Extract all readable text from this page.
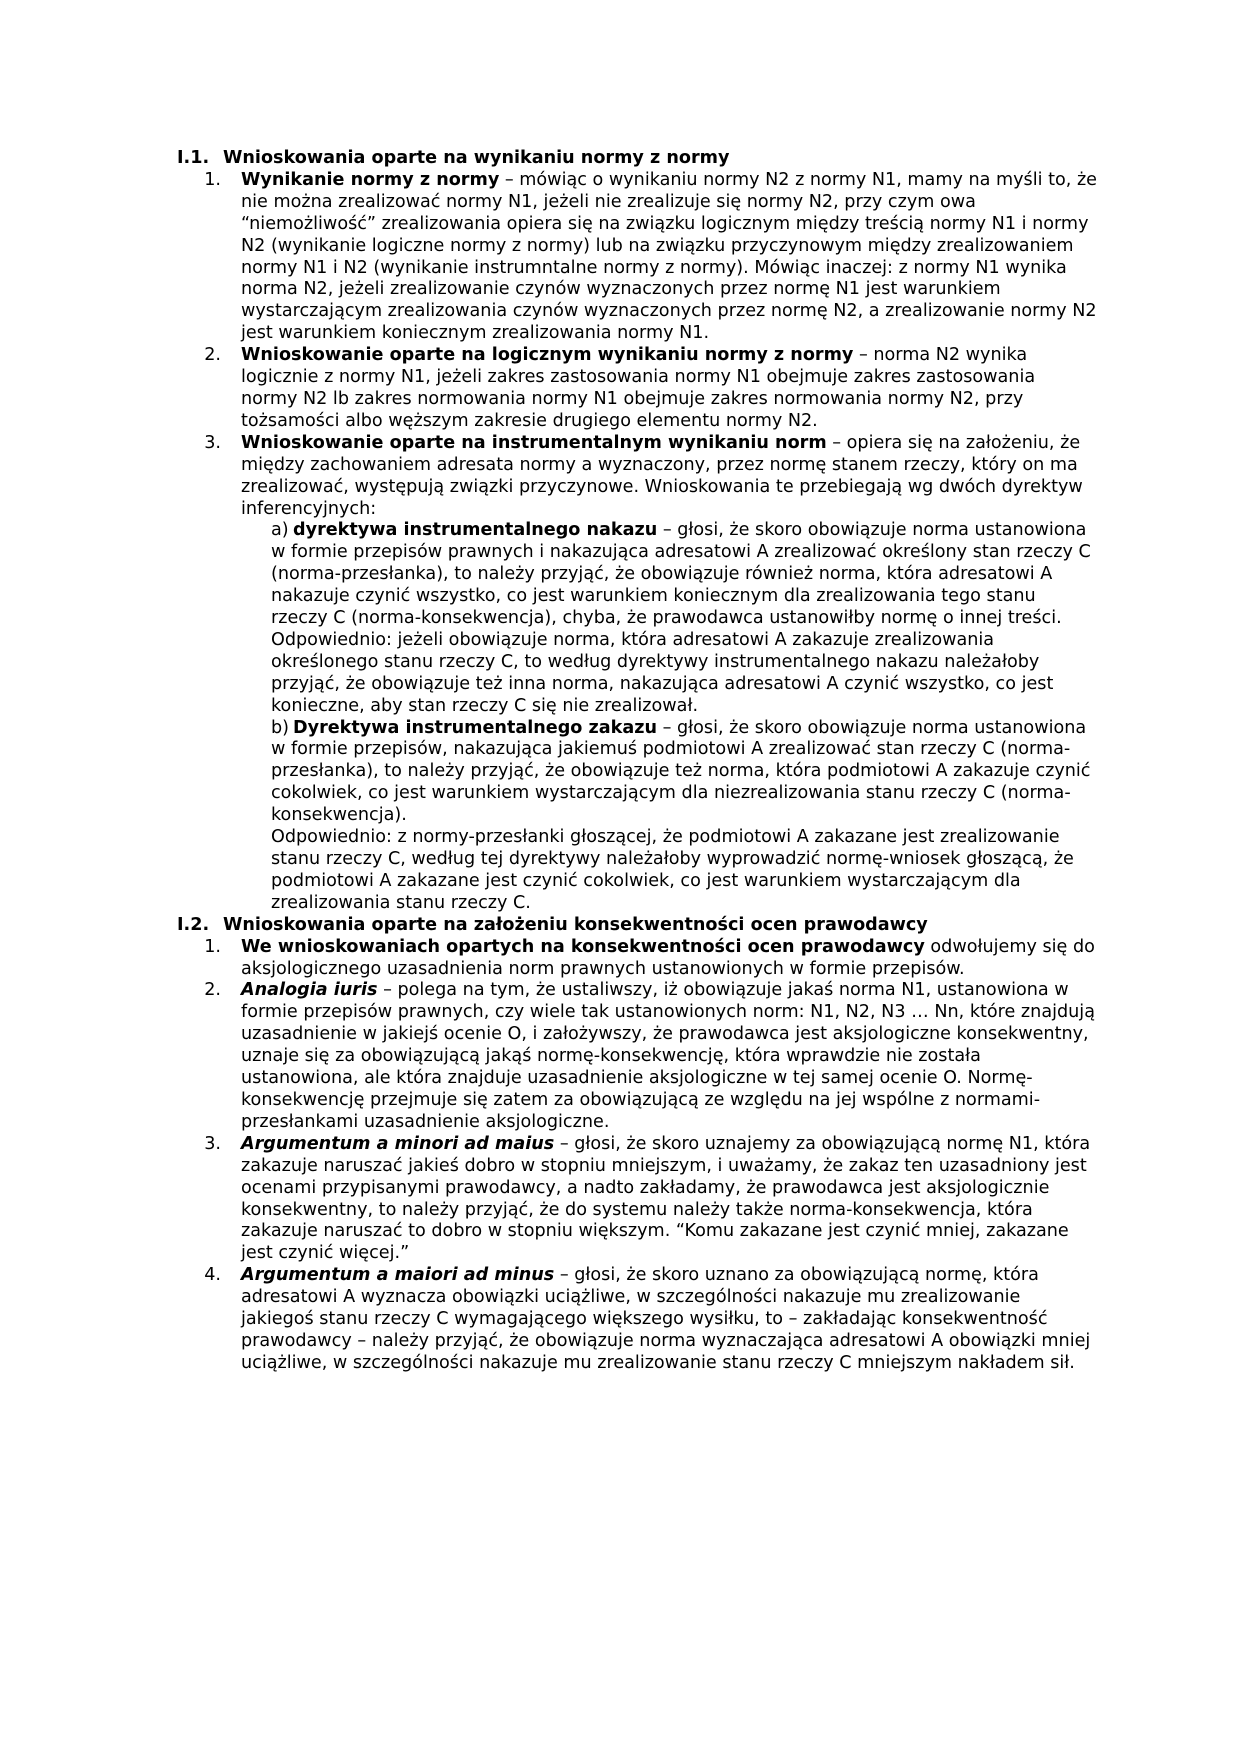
I.1. Wnioskowania oparte na wynikaniu normy z normy
1.	Wynikanie normy z normy – mówiąc o wynikaniu normy N2 z normy N1, mamy na myśli to, że nie można zrealizować normy N1, jeżeli nie zrealizuje się normy N2, przy czym owa “niemożliwość” zrealizowania opiera się na związku logicznym między treścią normy N1 i normy N2 (wynikanie logiczne normy z normy) lub na związku przyczynowym między zrealizowaniem normy N1 i N2 (wynikanie instrumntalne normy z normy). Mówiąc inaczej: z normy N1 wynika norma N2, jeżeli zrealizowanie czynów wyznaczonych przez normę N1 jest warunkiem wystarczającym zrealizowania czynów wyznaczonych przez normę N2, a zrealizowanie normy N2 jest warunkiem koniecznym zrealizowania normy N1.
2.	Wnioskowanie oparte na logicznym wynikaniu normy z normy – norma N2 wynika logicznie z normy N1, jeżeli zakres zastosowania normy N1 obejmuje zakres zastosowania normy N2 lb zakres normowania normy N1 obejmuje zakres normowania normy N2, przy tożsamości albo węższym zakresie drugiego elementu normy N2.
3.	Wnioskowanie oparte na instrumentalnym wynikaniu norm – opiera się na założeniu, że między zachowaniem adresata normy a wyznaczony, przez normę stanem rzeczy, który on ma zrealizować, występują związki przyczynowe. Wnioskowania te przebiegają wg dwóch dyrektyw inferencyjnych:

a) dyrektywa instrumentalnego nakazu – głosi, że skoro obowiązuje norma ustanowiona w formie przepisów prawnych i nakazująca adresatowi A zrealizować określony stan rzeczy C (norma-przesłanka), to należy przyjąć, że obowiązuje również norma, która adresatowi A nakazuje czynić wszystko, co jest warunkiem koniecznym dla zrealizowania tego stanu rzeczy C (norma-konsekwencja), chyba, że prawodawca ustanowiłby normę o innej treści.

Odpowiednio: jeżeli obowiązuje norma, która adresatowi A zakazuje zrealizowania określonego stanu rzeczy C, to według dyrektywy instrumentalnego nakazu należałoby przyjąć, że obowiązuje też inna norma, nakazująca adresatowi A czynić wszystko, co jest konieczne, aby stan rzeczy C się nie zrealizował.

b) Dyrektywa instrumentalnego zakazu – głosi, że skoro obowiązuje norma ustanowiona w formie przepisów, nakazująca jakiemuś podmiotowi A zrealizować stan rzeczy C (norma-przesłanka), to należy przyjąć, że obowiązuje też norma, która podmiotowi A zakazuje czynić cokolwiek, co jest warunkiem wystarczającym dla niezrealizowania stanu rzeczy C (norma-konsekwencja).

Odpowiednio: z normy-przesłanki głoszącej, że podmiotowi A zakazane jest zrealizowanie stanu rzeczy C, według tej dyrektywy należałoby wyprowadzić normę-wniosek głoszącą, że podmiotowi A zakazane jest czynić cokolwiek, co jest warunkiem wystarczającym dla zrealizowania stanu rzeczy C.

I.2. Wnioskowania oparte na założeniu konsekwentności ocen prawodawcy
1.	We wnioskowaniach opartych na konsekwentności ocen prawodawcy odwołujemy się do aksjologicznego uzasadnienia norm prawnych ustanowionych w formie przepisów.
2.	Analogia iuris – polega na tym, że ustaliwszy, iż obowiązuje jakaś norma N1, ustanowiona w formie przepisów prawnych, czy wiele tak ustanowionych norm: N1, N2, N3 … Nn, które znajdują uzasadnienie w jakiejś ocenie O, i założywszy, że prawodawca jest aksjologiczne konsekwentny, uznaje się za obowiązującą jakąś normę-konsekwencję, która wprawdzie nie została ustanowiona, ale która znajduje uzasadnienie aksjologiczne w tej samej ocenie O. Normę-konsekwencję przejmuje się zatem za obowiązującą ze względu na jej wspólne z normami-przesłankami uzasadnienie aksjologiczne.
3.	Argumentum a minori ad maius – głosi, że skoro uznajemy za obowiązującą normę N1, która zakazuje naruszać jakieś dobro w stopniu mniejszym, i uważamy, że zakaz ten uzasadniony jest ocenami przypisanymi prawodawcy, a nadto zakładamy, że prawodawca jest aksjologicznie konsekwentny, to należy przyjąć, że do systemu należy także norma-konsekwencja, która zakazuje naruszać to dobro w stopniu większym. “Komu zakazane jest czynić mniej, zakazane jest czynić więcej.”
4.	Argumentum a maiori ad minus – głosi, że skoro uznano za obowiązującą normę, która adresatowi A wyznacza obowiązki uciążliwe, w szczególności nakazuje mu zrealizowanie jakiegoś stanu rzeczy C wymagającego większego wysiłku, to – zakładając konsekwentność prawodawcy – należy przyjąć, że obowiązuje norma wyznaczająca adresatowi A obowiązki mniej uciążliwe, w szczególności nakazuje mu zrealizowanie stanu rzeczy C mniejszym nakładem sił.
